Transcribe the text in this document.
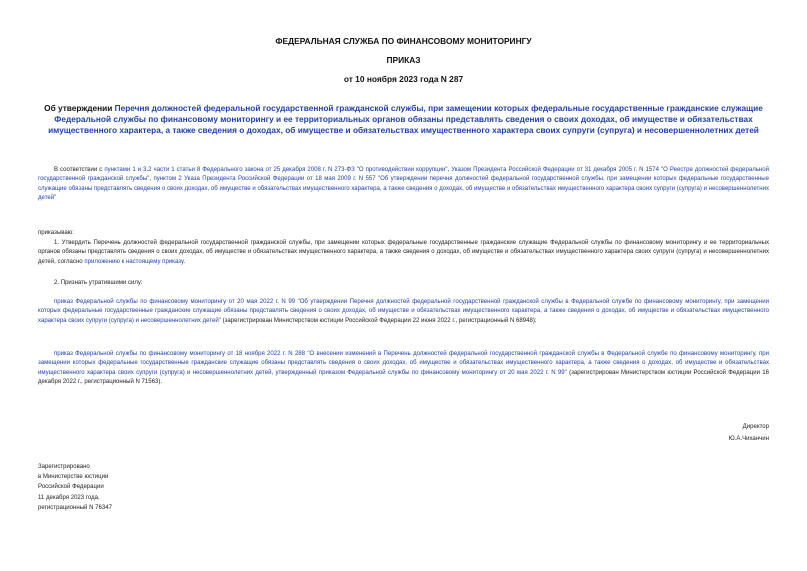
ФЕДЕРАЛЬНАЯ СЛУЖБА ПО ФИНАНСОВОМУ МОНИТОРИНГУ
ПРИКАЗ
от 10 ноября 2023 года N 287
Об утверждении Перечня должностей федеральной государственной гражданской службы, при замещении которых федеральные государственные гражданские служащие Федеральной службы по финансовому мониторингу и ее территориальных органов обязаны представлять сведения о своих доходах, об имуществе и обязательствах имущественного характера, а также сведения о доходах, об имуществе и обязательствах имущественного характера своих супруги (супруга) и несовершеннолетних детей
В соответствии с пунктами 1 и 3.2 части 1 статьи 8 Федерального закона от 25 декабря 2008 г. N 273-ФЗ "О противодействии коррупции", Указом Президента Российской Федерации от 31 декабря 2005 г. N 1574 "О Реестре должностей федеральной государственной гражданской службы", пунктом 2 Указа Президента Российской Федерации от 18 мая 2009 г. N 557 "Об утверждении перечня должностей федеральной государственной службы, при замещении которых федеральные государственные служащие обязаны представлять сведения о своих доходах, об имуществе и обязательствах имущественного характера, а также сведения о доходах, об имуществе и обязательствах имущественного характера своих супруги (супруга) и несовершеннолетних детей"
приказываю:
1. Утвердить Перечень должностей федеральной государственной гражданской службы, при замещении которых федеральные государственные гражданские служащие Федеральной службы по финансовому мониторингу и ее территориальных органов обязаны представлять сведения о своих доходах, об имуществе и обязательствах имущественного характера, а также сведения о доходах, об имуществе и обязательствах имущественного характера своих супруги (супруга) и несовершеннолетних детей, согласно приложению к настоящему приказу.
2. Признать утратившими силу:
приказ Федеральной службы по финансовому мониторингу от 20 мая 2022 г. N 99 "Об утверждении Перечня должностей федеральной государственной гражданской службы в Федеральной службе по финансовому мониторингу, при замещении которых федеральные государственные гражданские служащие обязаны представлять сведения о своих доходах, об имуществе и обязательствах имущественного характера, а также сведения о доходах, об имуществе и обязательствах имущественного характера своих супруги (супруга) и несовершеннолетних детей" (зарегистрирован Министерством юстиции Российской Федерации 22 июня 2022 г., регистрационный N 68948);
приказ Федеральной службы по финансовому мониторингу от 18 ноября 2022 г. N 288 "О внесении изменений в Перечень должностей федеральной государственной гражданской службы в Федеральной службе по финансовому мониторингу, при замещении которых федеральные государственные гражданские служащие обязаны представлять сведения о своих доходах, об имуществе и обязательствах имущественного характера, а также сведения о доходах, об имуществе и обязательствах имущественного характера своих супруги (супруга) и несовершеннолетних детей, утвержденный приказом Федеральной службы по финансовому мониторингу от 20 мая 2022 г. N 99" (зарегистрирован Министерством юстиции Российской Федерации 16 декабря 2022 г., регистрационный N 71563).
Директор
Ю.А.Чиханчин
Зарегистрировано
в Министерстве юстиции
Российской Федерации
11 декабря 2023 года,
регистрационный N 76347
